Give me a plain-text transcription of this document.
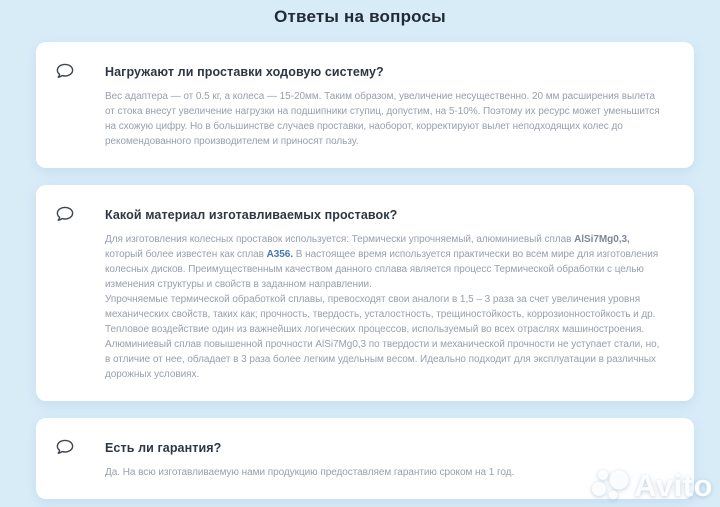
Ответы на вопросы
Нагружают ли проставки ходовую систему?

Вес адаптера — от 0.5 кг, а колеса — 15-20мм. Таким образом, увеличение несущественно. 20 мм расширения вылета от стока внесут увеличение нагрузки на подшипники ступиц, допустим, на 5-10%. Поэтому их ресурс может уменьшится на схожую цифру. Но в большинстве случаев проставки, наоборот, корректируют вылет неподходящих колес до рекомендованного производителем и приносят пользу.

Какой материал изготавливаемых проставок?

Для изготовления колесных проставок используется: Термически упрочняемый, алюминиевый сплав AlSi7Mg0,3, который более известен как сплав A356. В настоящее время используется практически во всем мире для изготовления колесных дисков. Преимущественным качеством данного сплава является процесс Термической обработки с целью изменения структуры и свойств в заданном направлении.

Упрочняемые термической обработкой сплавы, превосходят свои аналоги в 1,5 – 3 раза за счет увеличения уровня механических свойств, таких как; прочность, твердость, усталостность, трещиностойкость, коррозионностойкость и др.

Тепловое воздействие один из важнейших логических процессов, используемый во всех отраслях машиностроения.

Алюминиевый сплав повышенной прочности AlSi7Mg0,3 по твердости и механической прочности не уступает стали, но, в отличие от нее, обладает в 3 раза более легким удельным весом. Идеально подходит для эксплуатации в различных дорожных условиях.

Есть ли гарантия?

Да. На всю изготавливаемую нами продукцию предоставляем гарантию сроком на 1 год.	Avito
